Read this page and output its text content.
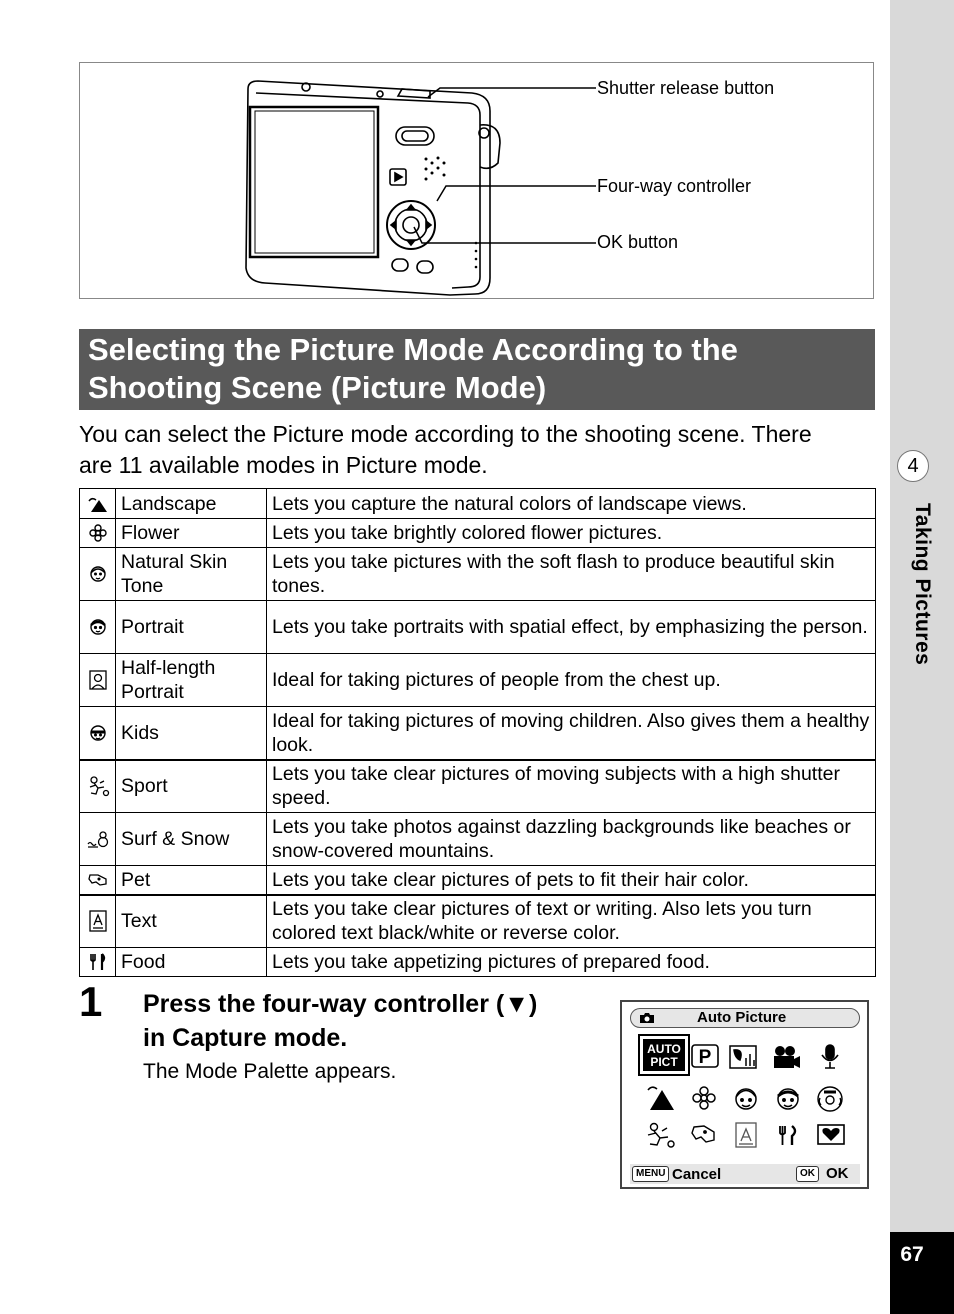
4
Taking Pictures
67
Shutter release button
Four-way controller
OK button
Selecting the Picture Mode According to the
Shooting Scene (Picture Mode)
You can select the Picture mode according to the shooting scene. There
are 11 available modes in Picture mode.
	Landscape	Lets you capture the natural colors of landscape views.

	Flower	Lets you take brightly colored flower pictures.

	Natural Skin Tone	Lets you take pictures with the soft flash to produce beautiful skin tones.

	Portrait	Lets you take portraits with spatial effect, by emphasizing the person.

	Half-length Portrait	Ideal for taking pictures of people from the chest up.

	Kids	Ideal for taking pictures of moving children. Also gives them a healthy look.

	Sport	Lets you take clear pictures of moving subjects with a high shutter speed.

	Surf & Snow	Lets you take photos against dazzling backgrounds like beaches or snow-covered mountains.

	Pet	Lets you take clear pictures of pets to fit their hair color.

	Text	Lets you take clear pictures of text or writing. Also lets you turn colored text black/white or reverse color.

	Food	Lets you take appetizing pictures of prepared food.
1 Press the four-way controller (▼)
in Capture mode.
The Mode Palette appears.
Auto Picture
AUTO
PICT P
MENU Cancel	OK OK
